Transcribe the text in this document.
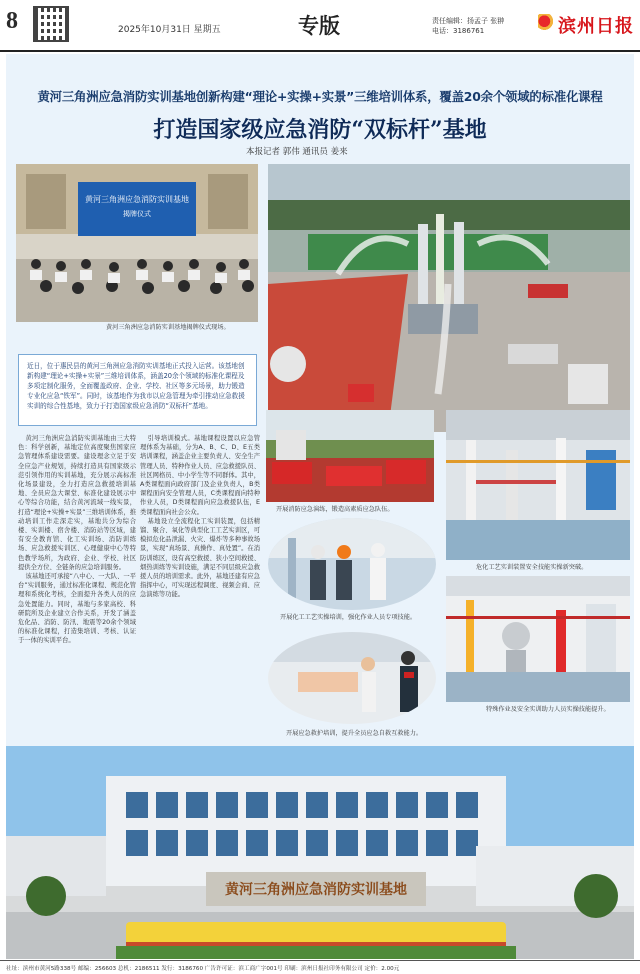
8	2025年10月31日 星期五	专版	责任编辑：扬孟子 张翀
电话：3186761	滨州日报
黄河三角洲应急消防实训基地创新构建“理论+实操+实景”三维培训体系，覆盖20余个领域的标准化课程
打造国家级应急消防“双标杆”基地
本报记者 郭伟 通讯员 姜来
黄河三角洲应急消防实训基地
揭牌仪式
黄河三角洲应急消防实训基地揭牌仪式现场。
近日，位于惠民县的黄河三角洲应急消防实训基地正式投入运营。该基地创新构建“理论+实操+实景”三维培训体系，涵盖20余个领域的标准化课程及多项定制化服务，全面覆盖政府、企业、学校、社区等多元场景，助力锻造专业化应急“铁军”。同时，该基地作为我市以应急管理为牵引推动应急救援实训的综合性基地，致力于打造国家级应急消防“双标杆”基地。

黄河三角洲应急消防实训基地由三大特色：科学创新，基地定位高度聚焦国家应急管理体系建设需要。建设理念立足于安全应急产业规划，持续打造具有国家级示范引领作用的实训基地，充分展示高标准化场景建设，全力打造应急救援培训基地、全员应急大课堂、标准化建设展示中心等综合功能，结合黄河流域一线实景，打造“理论+实操+实景”三维培训体系，推动培训工作走深走实，基地共分为综合楼、实训楼、宿舍楼、消防站等区域，建有安全教育馆、化工实训场、消防训练场、应急救援实训区、心理健康中心等特色教学场所，为政府、企业、学校、社区提供全方位、全链条的应急培训服务。

该基地还可承接“八中心、一大队、一平台”实训服务，通过标准化课程、规范化管理和系统化考核，全面提升各类人员的应急处置能力。同时，基地与多家高校、科研院所及企业建立合作关系，开发了涵盖危化品、消防、防汛、地震等20余个领域的标准化课程，打造集培训、考核、认证于一体的实训平台。

引导培训模式。基地课程设置以应急管理体系为基础，分为A、B、C、D、E五类培训课程，涵盖企业主要负责人、安全生产管理人员、特种作业人员、应急救援队员、社区网格员、中小学生等不同群体。其中，A类课程面向政府部门及企业负责人，B类课程面向安全管理人员，C类课程面向特种作业人员，D类课程面向应急救援队伍，E类课程面向社会公众。

基地设立全流程化工实训装置，包括精馏、聚合、氧化等典型化工工艺实训区，可模拟危化品泄漏、火灾、爆炸等多种事故场景，实现“真场景、真操作、真处置”。在消防训练区，设有高空救援、狭小空间救援、烟热训练等实训设施，满足不同层级应急救援人员的培训需求。此外，基地还建有应急指挥中心，可实现远程调度、视频会商、应急演练等功能。

开展消防应急演练，锻造高素质应急队伍。
危化工艺实训装置安全技能实操新突破。
开展化工工艺实操培训，强化作业人员专项技能。
特殊作业及安全实训助力人员实操技能提升。
开展应急救护培训，提升全员应急自救互救能力。
黄河三角洲应急消防实训基地
社址：滨州市黄河5路338号 邮编：256603 总机：2186511 发行：3186760 广告许可证：滨工商广字001号 印刷：滨州日报社印务有限公司 定价：2.00元
